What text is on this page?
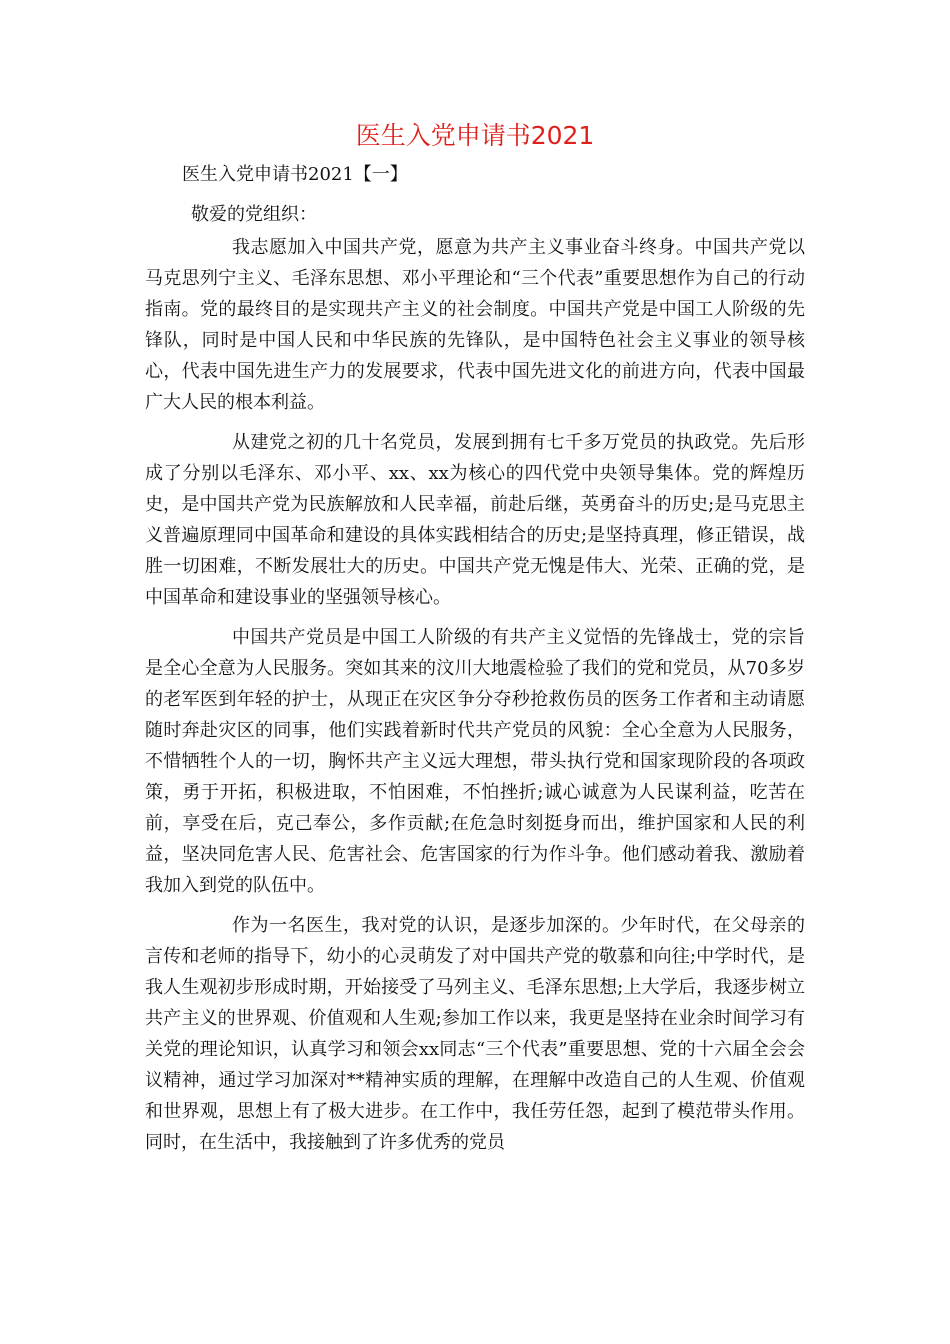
医生入党申请书2021
医生入党申请书2021【一】
敬爱的党组织：

我志愿加入中国共产党，愿意为共产主义事业奋斗终身。中国共产党以马克思列宁主义、毛泽东思想、邓小平理论和“三个代表”重要思想作为自己的行动指南。党的最终目的是实现共产主义的社会制度。中国共产党是中国工人阶级的先锋队，同时是中国人民和中华民族的先锋队，是中国特色社会主义事业的领导核心，代表中国先进生产力的发展要求，代表中国先进文化的前进方向，代表中国最广大人民的根本利益。

从建党之初的几十名党员，发展到拥有七千多万党员的执政党。先后形成了分别以毛泽东、邓小平、xx、xx为核心的四代党中央领导集体。党的辉煌历史，是中国共产党为民族解放和人民幸福，前赴后继，英勇奋斗的历史;是马克思主义普遍原理同中国革命和建设的具体实践相结合的历史;是坚持真理，修正错误，战胜一切困难，不断发展壮大的历史。中国共产党无愧是伟大、光荣、正确的党，是中国革命和建设事业的坚强领导核心。

中国共产党员是中国工人阶级的有共产主义觉悟的先锋战士，党的宗旨是全心全意为人民服务。突如其来的汶川大地震检验了我们的党和党员，从70多岁的老军医到年轻的护士，从现正在灾区争分夺秒抢救伤员的医务工作者和主动请愿随时奔赴灾区的同事，他们实践着新时代共产党员的风貌：全心全意为人民服务，不惜牺牲个人的一切，胸怀共产主义远大理想，带头执行党和国家现阶段的各项政策，勇于开拓，积极进取，不怕困难，不怕挫折;诚心诚意为人民谋利益，吃苦在前，享受在后，克己奉公，多作贡献;在危急时刻挺身而出，维护国家和人民的利益，坚决同危害人民、危害社会、危害国家的行为作斗争。他们感动着我、激励着我加入到党的队伍中。

作为一名医生，我对党的认识，是逐步加深的。少年时代，在父母亲的言传和老师的指导下，幼小的心灵萌发了对中国共产党的敬慕和向往;中学时代，是我人生观初步形成时期，开始接受了马列主义、毛泽东思想;上大学后，我逐步树立共产主义的世界观、价值观和人生观;参加工作以来，我更是坚持在业余时间学习有关党的理论知识，认真学习和领会xx同志“三个代表”重要思想、党的十六届全会会议精神，通过学习加深对**精神实质的理解，在理解中改造自己的人生观、价值观和世界观，思想上有了极大进步。在工作中，我任劳任怨，起到了模范带头作用。同时，在生活中，我接触到了许多优秀的党员
